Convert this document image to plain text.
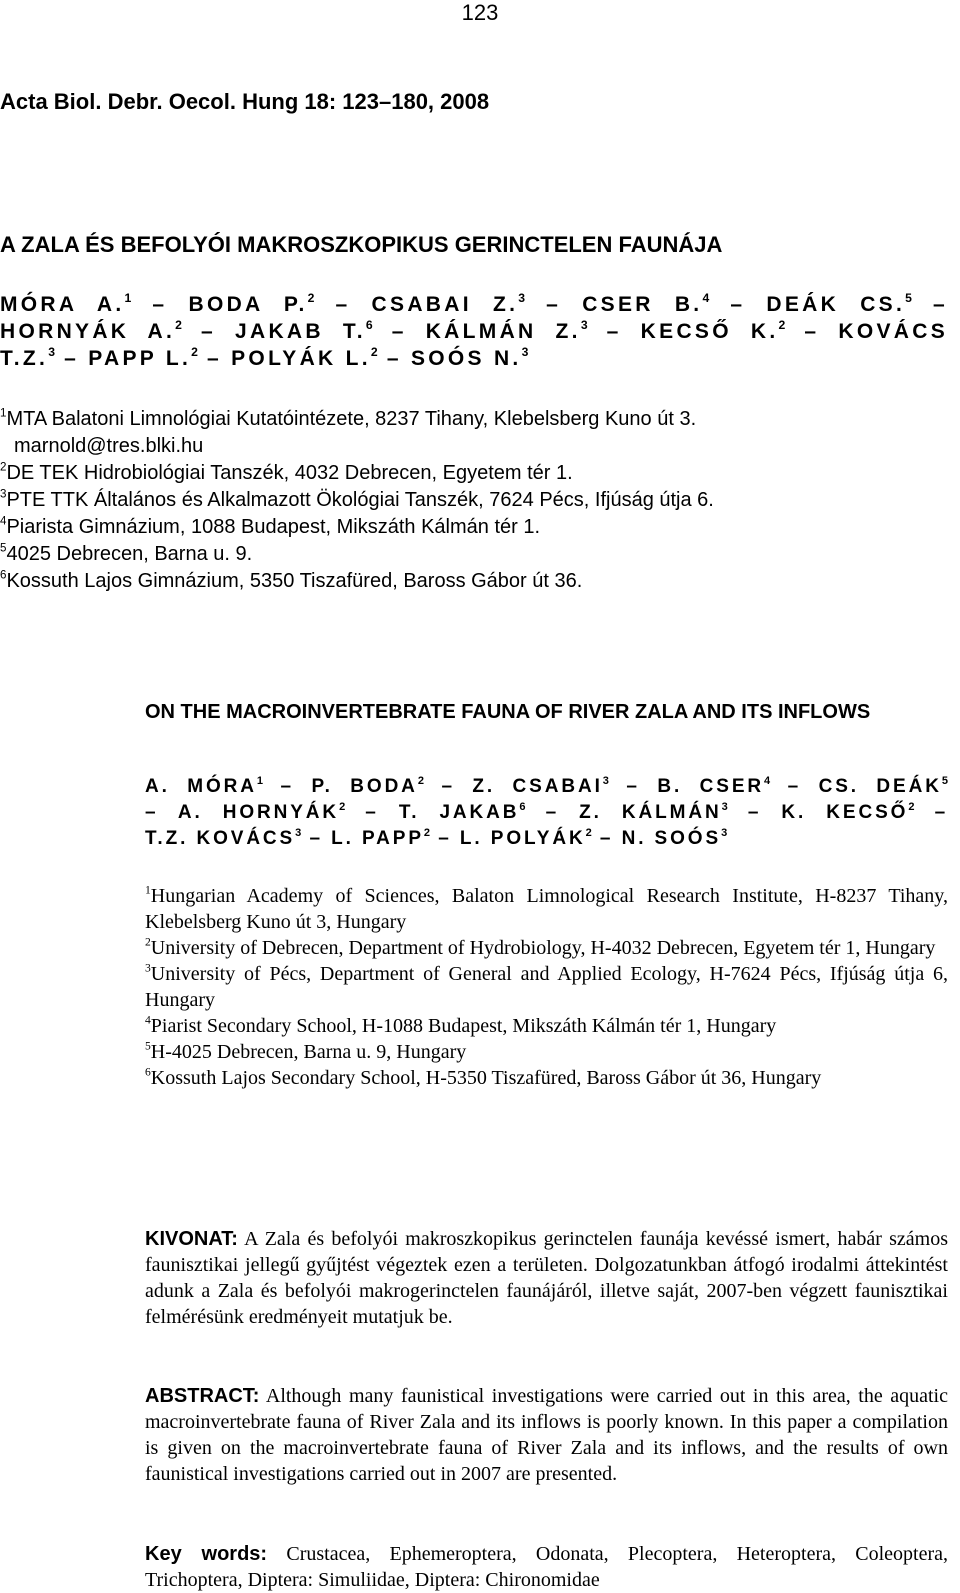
123
Acta Biol. Debr. Oecol. Hung 18: 123–180, 2008
A ZALA ÉS BEFOLYÓI MAKROSZKOPIKUS GERINCTELEN FAUNÁJA
MÓRA A.$^1$ – BODA P.$^2$ – CSABAI Z.$^3$ – CSER B.$^4$ – DEÁK CS.$^5$ –
HORNYÁK A.$^2$ – JAKAB T.$^6$ – KÁLMÁN Z.$^3$ – KECSŐ K.$^2$ – KOVÁCS
T.Z.$^3$ – PAPP L.$^2$ – POLYÁK L.$^2$ – SOÓS N.$^3$
$^1$MTA Balatoni Limnológiai Kutatóintézete, 8237 Tihany, Klebelsberg Kuno út 3.
marnold@tres.blki.hu
$^2$DE TEK Hidrobiológiai Tanszék, 4032 Debrecen, Egyetem tér 1.
$^3$PTE TTK Általános és Alkalmazott Ökológiai Tanszék, 7624 Pécs, Ifjúság útja 6.
$^4$Piarista Gimnázium, 1088 Budapest, Mikszáth Kálmán tér 1.
$^5$4025 Debrecen, Barna u. 9.
$^6$Kossuth Lajos Gimnázium, 5350 Tiszafüred, Baross Gábor út 36.
ON THE MACROINVERTEBRATE FAUNA OF RIVER ZALA AND ITS INFLOWS
A. MÓRA$^1$ – P. BODA$^2$ – Z. CSABAI$^3$ – B. CSER$^4$ – CS. DEÁK$^5$
– A. HORNYÁK$^2$ – T. JAKAB$^6$ – Z. KÁLMÁN$^3$ – K. KECSŐ$^2$ –
T.Z. KOVÁCS$^3$ – L. PAPP$^2$ – L. POLYÁK$^2$ – N. SOÓS$^3$
$^1$Hungarian Academy of Sciences, Balaton Limnological Research Institute, H-8237 Tihany, Klebelsberg Kuno út 3, Hungary
$^2$University of Debrecen, Department of Hydrobiology, H-4032 Debrecen, Egyetem tér 1, Hungary
$^3$University of Pécs, Department of General and Applied Ecology, H-7624 Pécs, Ifjúság útja 6, Hungary
$^4$Piarist Secondary School, H-1088 Budapest, Mikszáth Kálmán tér 1, Hungary
$^5$H-4025 Debrecen, Barna u. 9, Hungary
$^6$Kossuth Lajos Secondary School, H-5350 Tiszafüred, Baross Gábor út 36, Hungary
KIVONAT: A Zala és befolyói makroszkopikus gerinctelen faunája kevéssé ismert, habár számos faunisztikai jellegű gyűjtést végeztek ezen a területen. Dolgozatunkban átfogó irodalmi áttekintést adunk a Zala és befolyói makrogerinctelen faunájáról, illetve saját, 2007-ben végzett faunisztikai felmérésünk eredményeit mutatjuk be.
ABSTRACT: Although many faunistical investigations were carried out in this area, the aquatic macroinvertebrate fauna of River Zala and its inflows is poorly known. In this paper a compilation is given on the macroinvertebrate fauna of River Zala and its inflows, and the results of own faunistical investigations carried out in 2007 are presented.
Key words: Crustacea, Ephemeroptera, Odonata, Plecoptera, Heteroptera, Coleoptera, Trichoptera, Diptera: Simuliidae, Diptera: Chironomidae
